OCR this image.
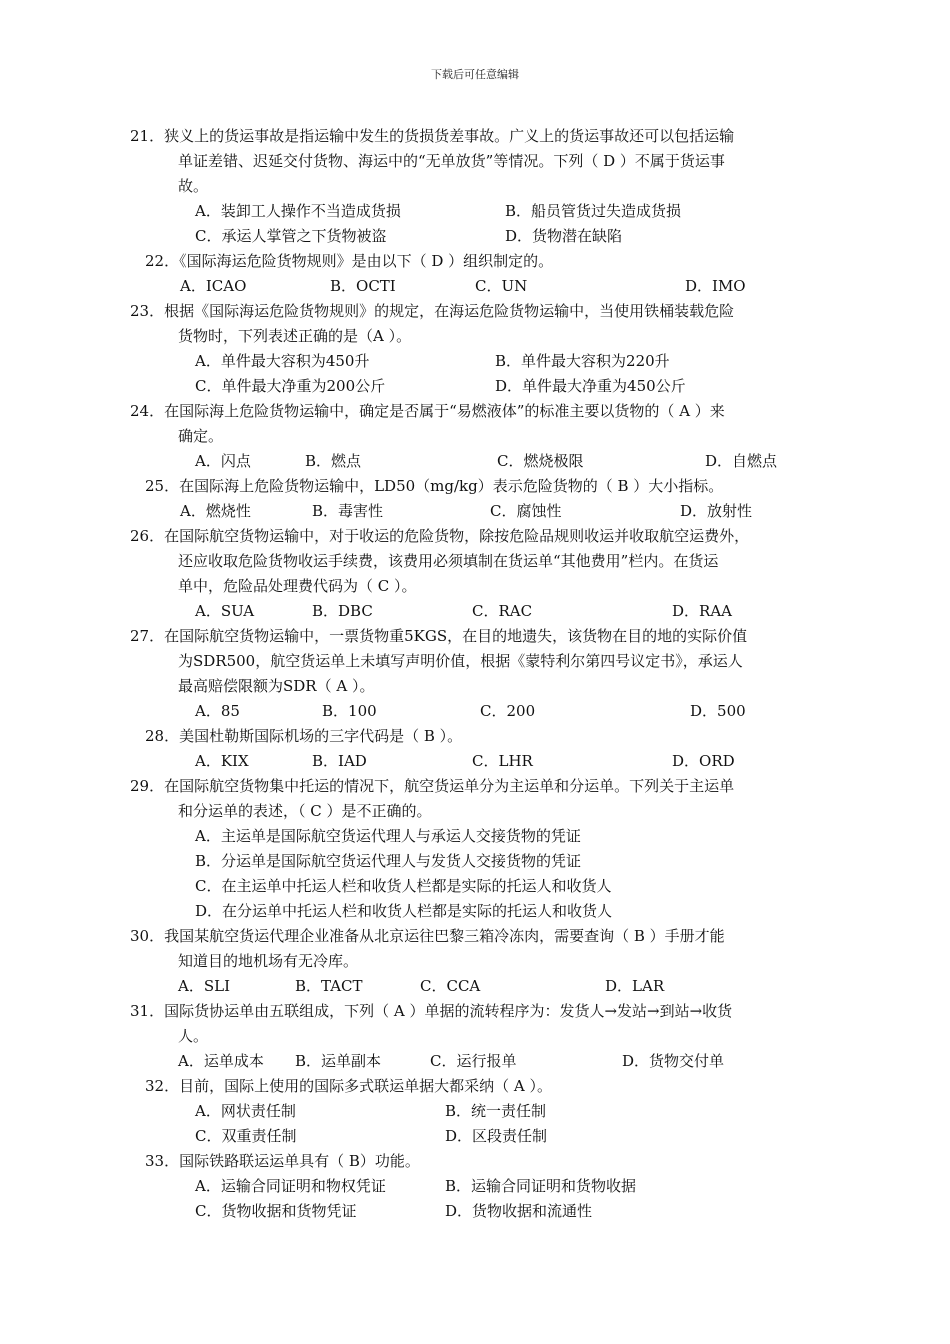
下载后可任意编辑
21．狭义上的货运事故是指运输中发生的货损货差事故。广义上的货运事故还可以包括运输
单证差错、迟延交付货物、海运中的“无单放货”等情况。下列（ D ）不属于货运事
故。
A．装卸工人操作不当造成货损	B．船员管货过失造成货损
C．承运人掌管之下货物被盗	D．货物潜在缺陷
22．《国际海运危险货物规则》是由以下（ D ）组织制定的。
A．ICAO	B．OCTI	C．UN	D．IMO
23．根据《国际海运危险货物规则》的规定，在海运危险货物运输中，当使用铁桶装载危险
货物时，下列表述正确的是（A ）。
A．单件最大容积为450升	B．单件最大容积为220升
C．单件最大净重为200公斤	D．单件最大净重为450公斤
24．在国际海上危险货物运输中，确定是否属于“易燃液体”的标准主要以货物的（ A ）来
确定。
A．闪点	B．燃点	C．燃烧极限	D．自燃点
25．在国际海上危险货物运输中，LD50（mg/kg）表示危险货物的（ B ）大小指标。
A．燃烧性	B．毒害性	C．腐蚀性	D．放射性
26．在国际航空货物运输中，对于收运的危险货物，除按危险品规则收运并收取航空运费外，
还应收取危险货物收运手续费，该费用必须填制在货运单“其他费用”栏内。在货运
单中，危险品处理费代码为（ C ）。
A．SUA	B．DBC	C．RAC	D．RAA
27．在国际航空货物运输中，一票货物重5KGS，在目的地遗失，该货物在目的地的实际价值
为SDR500，航空货运单上未填写声明价值，根据《蒙特利尔第四号议定书》，承运人
最高赔偿限额为SDR（ A ）。
A．85	B．100	C．200	D．500
28．美国杜勒斯国际机场的三字代码是（ B ）。
A．KIX	B．IAD	C．LHR	D．ORD
29．在国际航空货物集中托运的情况下，航空货运单分为主运单和分运单。下列关于主运单
和分运单的表述，（ C ）是不正确的。
A．主运单是国际航空货运代理人与承运人交接货物的凭证
B．分运单是国际航空货运代理人与发货人交接货物的凭证
C．在主运单中托运人栏和收货人栏都是实际的托运人和收货人
D．在分运单中托运人栏和收货人栏都是实际的托运人和收货人
30．我国某航空货运代理企业准备从北京运往巴黎三箱冷冻肉，需要查询（ B ）手册才能
知道目的地机场有无冷库。
A．SLI	B．TACT	C．CCA	D．LAR
31．国际货协运单由五联组成，下列（ A ）单据的流转程序为：发货人→发站→到站→收货
人。
A．运单成本 B．运单副本	C．运行报单	D．货物交付单
32．目前，国际上使用的国际多式联运单据大都采纳（ A ）。
A．网状责任制	B．统一责任制
C．双重责任制	D．区段责任制
33．国际铁路联运运单具有（ B）功能。
A．运输合同证明和物权凭证	B．运输合同证明和货物收据
C．货物收据和货物凭证	D．货物收据和流通性
